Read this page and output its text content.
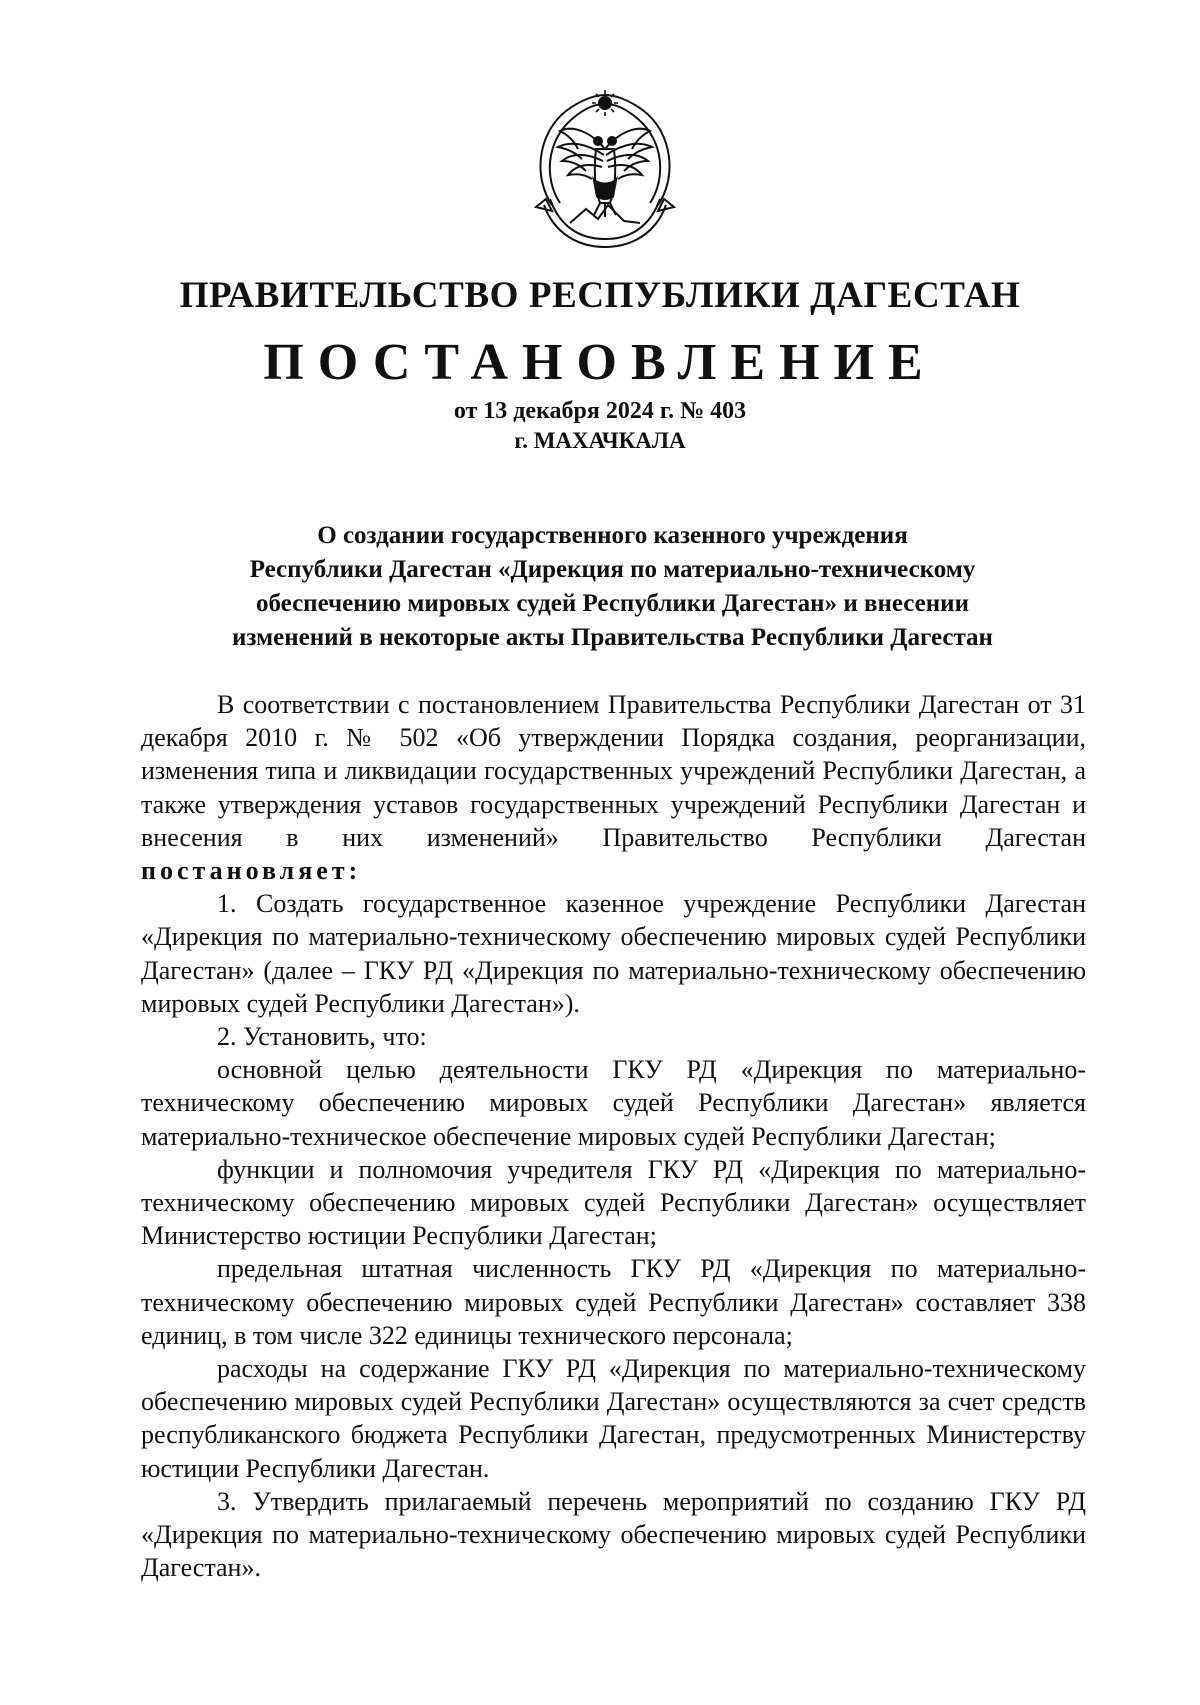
ПРАВИТЕЛЬСТВО РЕСПУБЛИКИ ДАГЕСТАН
ПОСТАНОВЛЕНИЕ
от 13 декабря 2024 г. № 403
г. МАХАЧКАЛА
О создании государственного казенного учреждения
Республики Дагестан «Дирекция по материально-техническому
обеспечению мировых судей Республики Дагестан» и внесении
изменений в некоторые акты Правительства Республики Дагестан

В соответствии с постановлением Правительства Республики Дагестан от 31 декабря 2010 г. № 502 «Об утверждении Порядка создания, реорганизации, изменения типа и ликвидации государственных учреждений Республики Дагестан, а также утверждения уставов государственных учреждений Республики Дагестан и внесения в них изменений» Правительство Республики Дагестан постановляет:

1. Создать государственное казенное учреждение Республики Дагестан «Дирекция по материально-техническому обеспечению мировых судей Республики Дагестан» (далее – ГКУ РД «Дирекция по материально-техническому обеспечению мировых судей Республики Дагестан»).

2. Установить, что:

основной целью деятельности ГКУ РД «Дирекция по материально-техническому обеспечению мировых судей Республики Дагестан» является материально-техническое обеспечение мировых судей Республики Дагестан;

функции и полномочия учредителя ГКУ РД «Дирекция по материально-техническому обеспечению мировых судей Республики Дагестан» осуществляет Министерство юстиции Республики Дагестан;

предельная штатная численность ГКУ РД «Дирекция по материально-техническому обеспечению мировых судей Республики Дагестан» составляет 338 единиц, в том числе 322 единицы технического персонала;

расходы на содержание ГКУ РД «Дирекция по материально-техническому обеспечению мировых судей Республики Дагестан» осуществляются за счет средств республиканского бюджета Республики Дагестан, предусмотренных Министерству юстиции Республики Дагестан.

3. Утвердить прилагаемый перечень мероприятий по созданию ГКУ РД «Дирекция по материально-техническому обеспечению мировых судей Республики Дагестан».
